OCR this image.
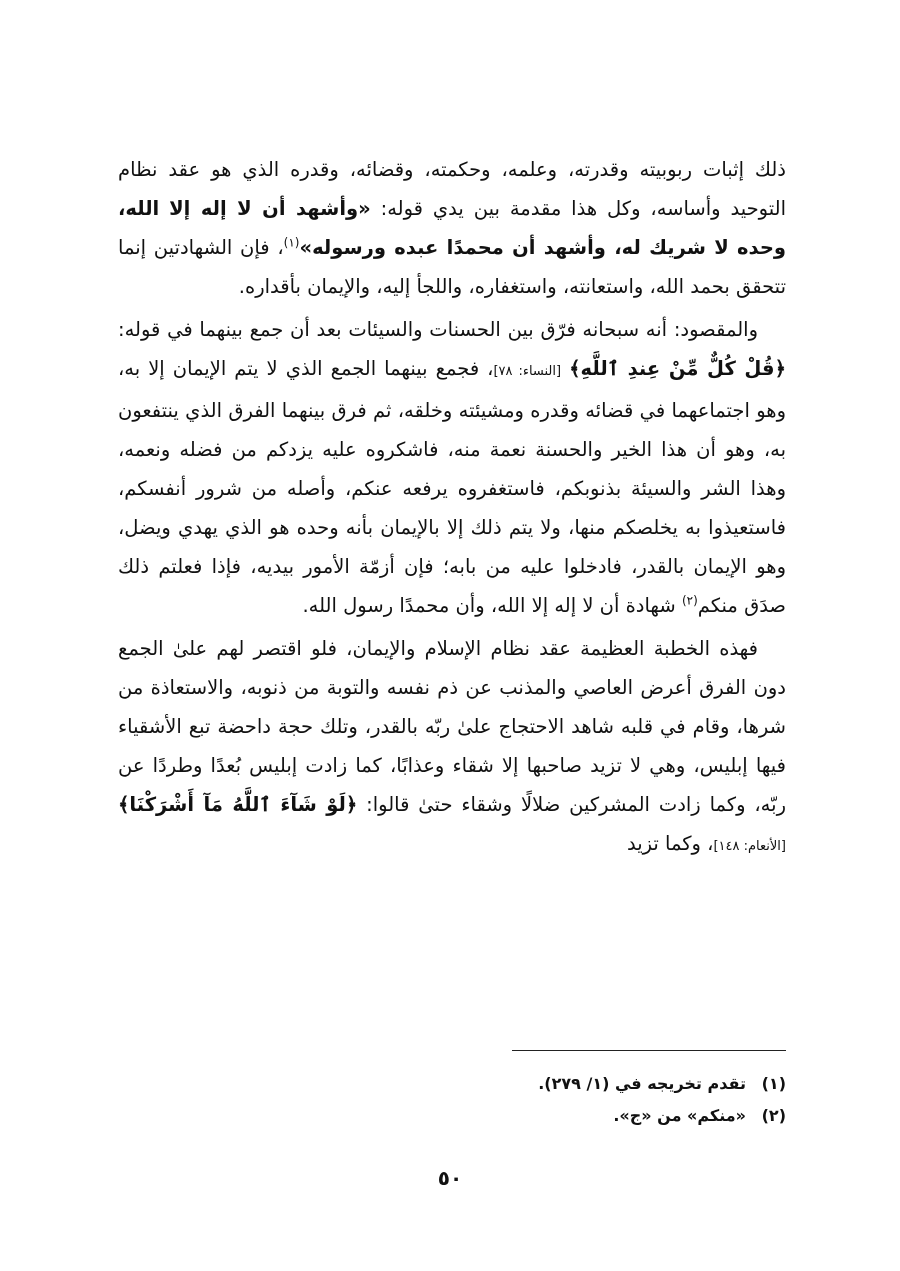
ذلك إثبات ربوبيته وقدرته، وعلمه، وحكمته، وقضائه، وقدره الذي هو عقد نظام التوحيد وأساسه، وكل هذا مقدمة بين يدي قوله: «وأشهد أن لا إله إلا الله، وحده لا شريك له، وأشهد أن محمدًا عبده ورسوله»$^{(١)}$، فإن الشهادتين إنما تتحقق بحمد الله، واستعانته، واستغفاره، واللجأ إليه، والإيمان بأقداره.

والمقصود: أنه سبحانه فرّق بين الحسنات والسيئات بعد أن جمع بينهما في قوله: ﴿قُلْ كُلٌّ مِّنْ عِندِ ٱللَّهِ﴾ [النساء: ٧٨]، فجمع بينهما الجمع الذي لا يتم الإيمان إلا به، وهو اجتماعهما في قضائه وقدره ومشيئته وخلقه، ثم فرق بينهما الفرق الذي ينتفعون به، وهو أن هذا الخير والحسنة نعمة منه، فاشكروه عليه يزدكم من فضله ونعمه، وهذا الشر والسيئة بذنوبكم، فاستغفروه يرفعه عنكم، وأصله من شرور أنفسكم، فاستعيذوا به يخلصكم منها، ولا يتم ذلك إلا بالإيمان بأنه وحده هو الذي يهدي ويضل، وهو الإيمان بالقدر، فادخلوا عليه من بابه؛ فإن أزمّة الأمور بيديه، فإذا فعلتم ذلك صدَق منكم$^{(٢)}$ شهادة أن لا إله إلا الله، وأن محمدًا رسول الله.

فهذه الخطبة العظيمة عقد نظام الإسلام والإيمان، فلو اقتصر لهم علىٰ الجمع دون الفرق أعرض العاصي والمذنب عن ذم نفسه والتوبة من ذنوبه، والاستعاذة من شرها، وقام في قلبه شاهد الاحتجاج علىٰ ربّه بالقدر، وتلك حجة داحضة تبع الأشقياء فيها إبليس، وهي لا تزيد صاحبها إلا شقاء وعذابًا، كما زادت إبليس بُعدًا وطردًا عن ربّه، وكما زادت المشركين ضلالًا وشقاء حتىٰ قالوا: ﴿لَوْ شَآءَ ٱللَّهُ مَآ أَشْرَكْنَا﴾ [الأنعام: ١٤٨]، وكما تزيد

(١)تقدم تخريجه في (١/ ٢٧٩).
(٢)«منكم» من «ج».
٥٠
